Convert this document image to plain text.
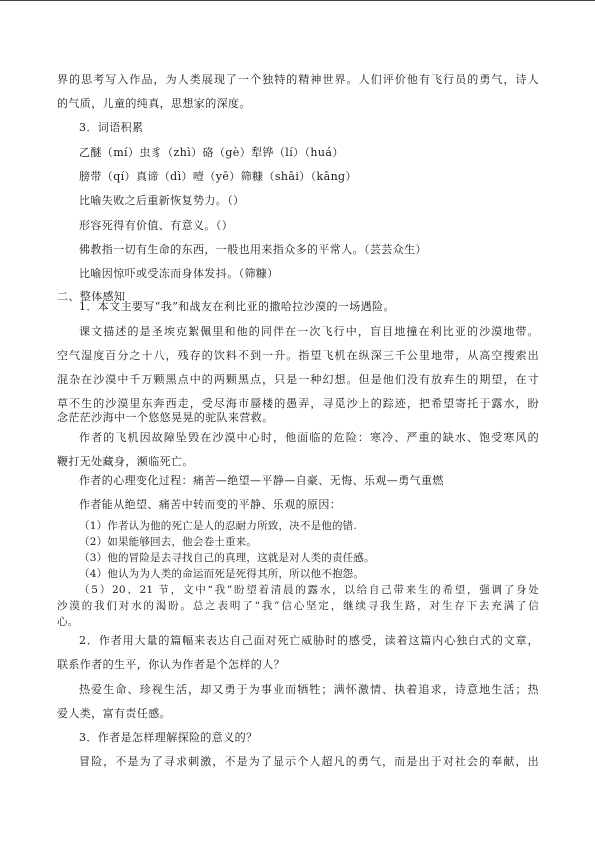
界的思考写入作品，为人类展现了一个独特的精神世界。人们评价他有飞行员的勇气，诗人
的气质，儿童的纯真，思想家的深度。
3．词语积累
乙醚（mí）虫豸（zhì）硌（gè）犁铧（lí）（huá）
膀带（qí）真谛（dì）噎（yē）筛糠（shāi）（kāng）
比喻失败之后重新恢复势力。（）
形容死得有价值、有意义。（）
佛教指一切有生命的东西，一般也用来指众多的平常人。（芸芸众生）
比喻因惊吓或受冻而身体发抖。（筛糠）
二、整体感知
1．本文主要写“我”和战友在利比亚的撒哈拉沙漠的一场遇险。
课文描述的是圣埃克絮佩里和他的同伴在一次飞行中，盲目地撞在利比亚的沙漠地带。
空气湿度百分之十八，残存的饮料不到一升。指望飞机在纵深三千公里地带，从高空搜索出
混杂在沙漠中千万颗黑点中的两颗黑点，只是一种幻想。但是他们没有放弃生的期望，在寸
草不生的沙漠里东奔西走，受尽海市蜃楼的愚弄，寻觅沙上的踪迹，把希望寄托于露水，盼
念茫茫沙海中一个悠悠晃晃的驼队来营救。
作者的飞机因故障坠毁在沙漠中心时，他面临的危险：寒冷、严重的缺水、饱受寒风的
鞭打无处藏身，濒临死亡。
作者的心理变化过程：痛苦—绝望—平静—自豪、无悔、乐观—勇气重燃
作者能从绝望、痛苦中转而变的平静、乐观的原因：
（1）作者认为他的死亡是人的忍耐力所致，决不是他的错.
（2）如果能够回去，他会卷土重来。
（3）他的冒险是去寻找自己的真理，这就是对人类的责任感。
（4）他认为为人类的命运而死是死得其所，所以他不抱怨。
（5）20、21 节，文中“我”盼望着清晨的露水，以给自己带来生的希望，强调了身处
沙漠的我们对水的渴盼。总之表明了“我”信心坚定，继续寻我生路，对生存下去充满了信
心。
2．作者用大量的篇幅来表达自己面对死亡威胁时的感受，读着这篇内心独白式的文章，
联系作者的生平，你认为作者是个怎样的人？
热爱生命、珍视生活，却又勇于为事业而牺牲；满怀激情、执着追求，诗意地生活；热
爱人类，富有责任感。
3．作者是怎样理解探险的意义的？
冒险，不是为了寻求刺激，不是为了显示个人超凡的勇气，而是出于对社会的奉献，出
